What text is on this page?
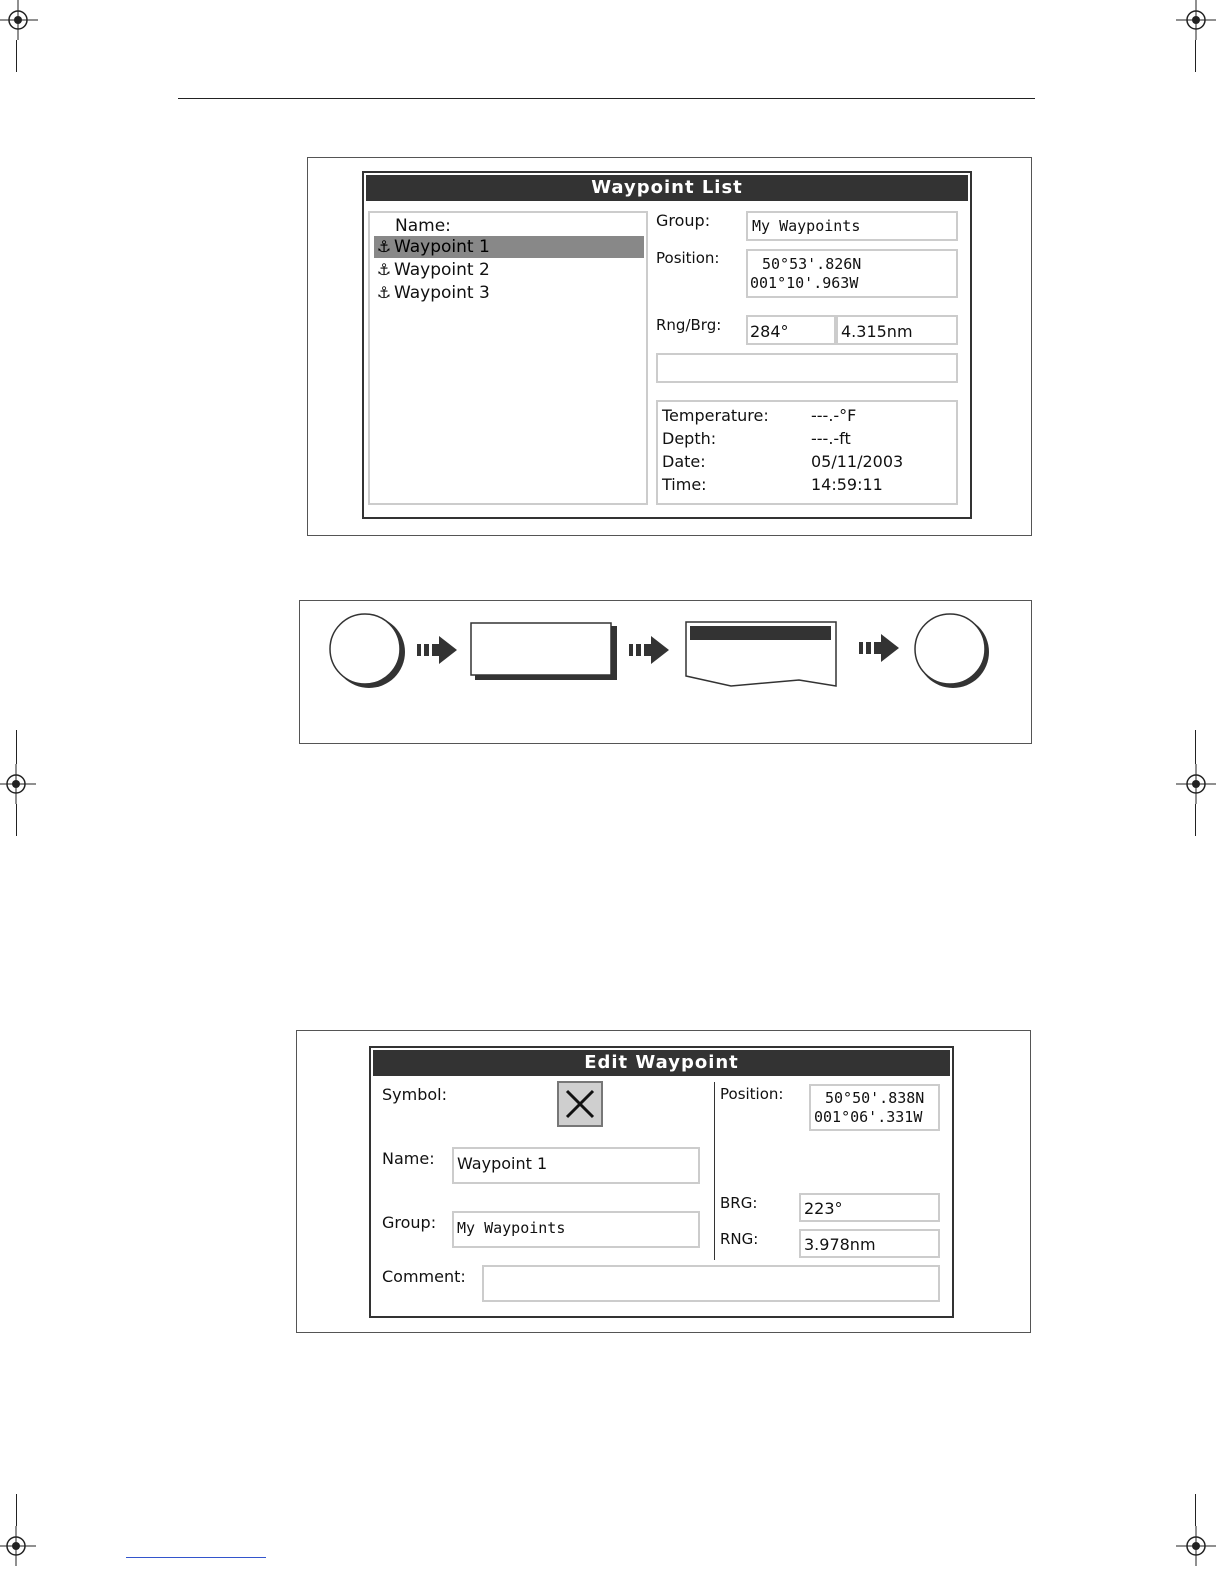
Waypoint List
Name:
⚓ Waypoint 1
⚓ Waypoint 2
⚓ Waypoint 3
Group:	My Waypoints
Position:	50°53'.826N
001°10'.963W
Rng/Brg: 284°	4.315nm
Temperature:	---.-°F
Depth:	---.-ft
Date:	05/11/2003
Time:	14:59:11
Edit Waypoint
Symbol:
Name: Waypoint 1
Group: My Waypoints
Position:	50°50'.838N
001°06'.331W
BRG:	223°
RNG:	3.978nm
Comment:
